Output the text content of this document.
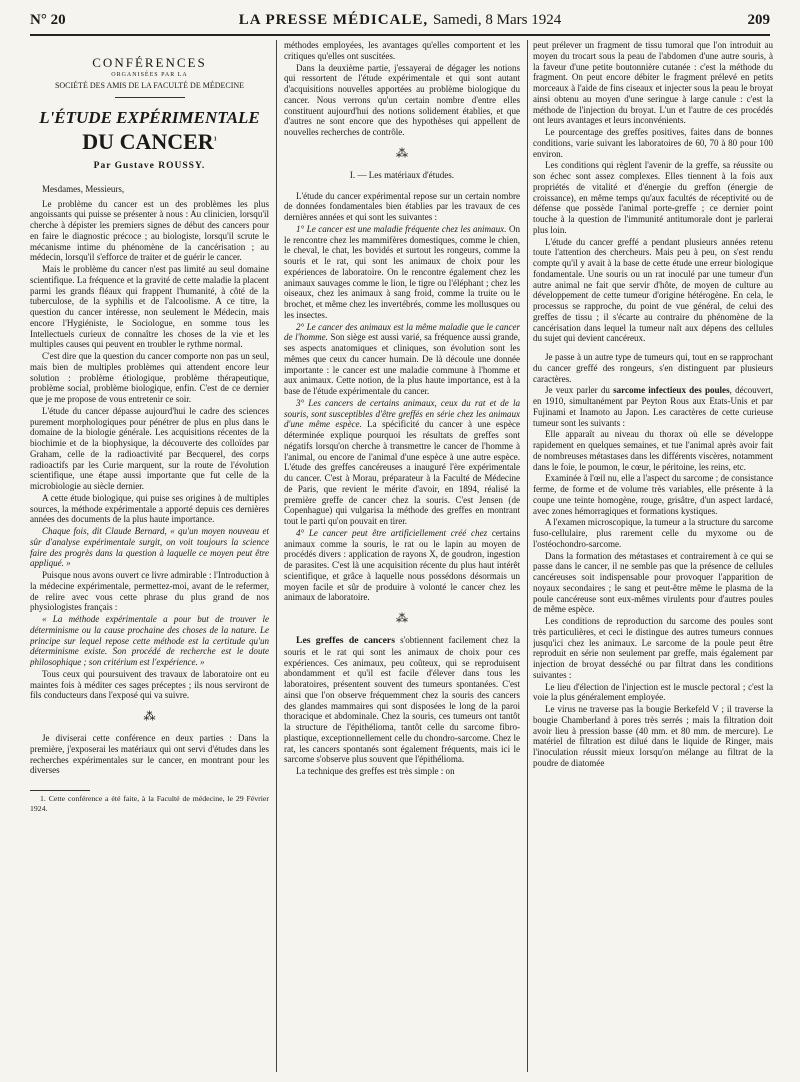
N° 20	LA PRESSE MÉDICALE, Samedi, 8 Mars 1924	209

CONFÉRENCES

ORGANISÉES PAR LA

SOCIÉTÉ DES AMIS DE LA FACULTÉ DE MÉDECINE

L'ÉTUDE EXPÉRIMENTALE

DU CANCER$^1$

Par Gustave ROUSSY.

Mesdames, Messieurs,

Le problème du cancer est un des problèmes les plus angoissants qui puisse se présenter à nous : Au clinicien, lorsqu'il cherche à dépister les premiers signes de début des cancers pour en faire le diagnostic précoce ; au biologiste, lorsqu'il scrute le mécanisme intime du phénomène de la cancérisation ; au médecin, lorsqu'il s'efforce de traiter et de guérir le cancer.

Mais le problème du cancer n'est pas limité au seul domaine scientifique. La fréquence et la gravité de cette maladie la placent parmi les grands fléaux qui frappent l'humanité, à côté de la tuberculose, de la syphilis et de l'alcoolisme. A ce titre, la question du cancer intéresse, non seulement le Médecin, mais encore l'Hygiéniste, le Sociologue, en somme tous les Intellectuels curieux de connaître les choses de la vie et les multiples causes qui peuvent en troubler le rythme normal.

C'est dire que la question du cancer comporte non pas un seul, mais bien de multiples problèmes qui attendent encore leur solution : problème étiologique, problème thérapeutique, problème social, problème biologique, enfin. C'est de ce dernier que je me propose de vous entretenir ce soir.

L'étude du cancer dépasse aujourd'hui le cadre des sciences purement morphologiques pour pénétrer de plus en plus dans le domaine de la biologie générale. Les acquisitions récentes de la biochimie et de la biophysique, la découverte des colloïdes par Graham, celle de la radioactivité par Becquerel, des corps radioactifs par les Curie marquent, sur la route de l'évolution scientifique, une étape aussi importante que fut celle de la microbiologie au siècle dernier.

A cette étude biologique, qui puise ses origines à de multiples sources, la méthode expérimentale a apporté depuis ces dernières années des documents de la plus haute importance.

Chaque fois, dit Claude Bernard, « qu'un moyen nouveau et sûr d'analyse expérimentale surgit, on voit toujours la science faire des progrès dans la question à laquelle ce moyen peut être appliqué. »

Puisque nous avons ouvert ce livre admirable : l'Introduction à la médecine expérimentale, permettez-moi, avant de le refermer, de relire avec vous cette phrase du plus grand de nos physiologistes français :

« La méthode expérimentale a pour but de trouver le déterminisme ou la cause prochaine des choses de la nature. Le principe sur lequel repose cette méthode est la certitude qu'un déterminisme existe. Son procédé de recherche est le doute philosophique ; son critérium est l'expérience. »

Tous ceux qui poursuivent des travaux de laboratoire ont eu maintes fois à méditer ces sages préceptes ; ils nous serviront de fils conducteurs dans l'exposé qui va suivre.

⁂

Je diviserai cette conférence en deux parties : Dans la première, j'exposerai les matériaux qui ont servi d'études dans les recherches expérimentales sur le cancer, en montrant pour les diverses

1. Cette conférence a été faite, à la Faculté de médecine, le 29 Février 1924.

méthodes employées, les avantages qu'elles comportent et les critiques qu'elles ont suscitées.

Dans la deuxième partie, j'essayerai de dégager les notions qui ressortent de l'étude expérimentale et qui sont autant d'acquisitions nouvelles apportées au problème biologique du cancer. Nous verrons qu'un certain nombre d'entre elles constituent aujourd'hui des notions solidement établies, et que d'autres ne sont encore que des hypothèses qui appellent de nouvelles recherches de contrôle.

⁂

I. — Les matériaux d'études.

L'étude du cancer expérimental repose sur un certain nombre de données fondamentales bien établies par les travaux de ces dernières années et qui sont les suivantes :

1° Le cancer est une maladie fréquente chez les animaux. On le rencontre chez les mammifères domestiques, comme le chien, le cheval, le chat, les bovidés et surtout les rongeurs, comme la souris et le rat, qui sont les animaux de choix pour les expériences de laboratoire. On le rencontre également chez les animaux sauvages comme le lion, le tigre ou l'éléphant ; chez les oiseaux, chez les animaux à sang froid, comme la truite ou le brochet, et même chez les invertébrés, comme les mollusques ou les insectes.

2° Le cancer des animaux est la même maladie que le cancer de l'homme. Son siège est aussi varié, sa fréquence aussi grande, ses aspects anatomiques et cliniques, son évolution sont les mêmes que ceux du cancer humain. De là découle une donnée importante : le cancer est une maladie commune à l'homme et aux animaux. Cette notion, de la plus haute importance, est à la base de l'étude expérimentale du cancer.

3° Les cancers de certains animaux, ceux du rat et de la souris, sont susceptibles d'être greffés en série chez les animaux d'une même espèce. La spécificité du cancer à une espèce déterminée explique pourquoi les résultats de greffes sont négatifs lorsqu'on cherche à transmettre le cancer de l'homme à l'animal, ou encore de l'animal d'une espèce à une autre espèce. L'étude des greffes cancéreuses a inauguré l'ère expérimentale du cancer. C'est à Morau, préparateur à la Faculté de Médecine de Paris, que revient le mérite d'avoir, en 1894, réalisé la première greffe de cancer chez la souris. C'est Jensen (de Copenhague) qui vulgarisa la méthode des greffes en montrant tout le parti qu'on pouvait en tirer.

4° Le cancer peut être artificiellement créé chez certains animaux comme la souris, le rat ou le lapin au moyen de procédés divers : application de rayons X, de goudron, ingestion de parasites. C'est là une acquisition récente du plus haut intérêt scientifique, et grâce à laquelle nous possédons désormais un moyen facile et sûr de produire à volonté le cancer chez les animaux de laboratoire.

⁂

Les greffes de cancers s'obtiennent facilement chez la souris et le rat qui sont les animaux de choix pour ces expériences. Ces animaux, peu coûteux, qui se reproduisent abondamment et qu'il est facile d'élever dans tous les laboratoires, présentent souvent des tumeurs spontanées. C'est ainsi que l'on observe fréquemment chez la souris des cancers des glandes mammaires qui sont disposées le long de la paroi thoracique et abdominale. Chez la souris, ces tumeurs ont tantôt la structure de l'épithélioma, tantôt celle du sarcome fibro-plastique, exceptionnellement celle du chondro-sarcome. Chez le rat, les cancers spontanés sont également fréquents, mais ici le sarcome s'observe plus souvent que l'épithélioma.

La technique des greffes est très simple : on

peut prélever un fragment de tissu tumoral que l'on introduit au moyen du trocart sous la peau de l'abdomen d'une autre souris, à la faveur d'une petite boutonnière cutanée : c'est la méthode du fragment. On peut encore débiter le fragment prélevé en petits morceaux à l'aide de fins ciseaux et injecter sous la peau le broyat ainsi obtenu au moyen d'une seringue à large canule : c'est la méthode de l'injection du broyat. L'un et l'autre de ces procédés ont leurs avantages et leurs inconvénients.

Le pourcentage des greffes positives, faites dans de bonnes conditions, varie suivant les laboratoires de 60, 70 à 80 pour 100 environ.

Les conditions qui règlent l'avenir de la greffe, sa réussite ou son échec sont assez complexes. Elles tiennent à la fois aux propriétés de vitalité et d'énergie du greffon (énergie de croissance), en même temps qu'aux facultés de réceptivité ou de défense que possède l'animal porte-greffe ; ce dernier point touche à la question de l'immunité antitumorale dont je parlerai plus loin.

L'étude du cancer greffé a pendant plusieurs années retenu toute l'attention des chercheurs. Mais peu à peu, on s'est rendu compte qu'il y avait à la base de cette étude une erreur biologique fondamentale. Une souris ou un rat inoculé par une tumeur d'un autre animal ne fait que servir d'hôte, de moyen de culture au développement de cette tumeur d'origine hétérogène. En cela, le processus se rapproche, du point de vue général, de celui des greffes de tissu ; il s'écarte au contraire du phénomène de la cancérisation dans lequel la tumeur naît aux dépens des cellules du sujet qui devient cancéreux.

Je passe à un autre type de tumeurs qui, tout en se rapprochant du cancer greffé des rongeurs, s'en distinguent par plusieurs caractères.

Je veux parler du sarcome infectieux des poules, découvert, en 1910, simultanément par Peyton Rous aux Etats-Unis et par Fujinami et Inamoto au Japon. Les caractères de cette curieuse tumeur sont les suivants :

Elle apparaît au niveau du thorax où elle se développe rapidement en quelques semaines, et tue l'animal après avoir fait de nombreuses métastases dans les différents viscères, notamment dans le foie, le poumon, le cœur, le péritoine, les reins, etc.

Examinée à l'œil nu, elle a l'aspect du sarcome ; de consistance ferme, de forme et de volume très variables, elle présente à la coupe une teinte homogène, rouge, grisâtre, d'un aspect lardacé, avec zones hémorragiques et formations kystiques.

A l'examen microscopique, la tumeur a la structure du sarcome fuso-cellulaire, plus rarement celle du myxome ou de l'ostéochondro-sarcome.

Dans la formation des métastases et contrairement à ce qui se passe dans le cancer, il ne semble pas que la présence de cellules cancéreuses soit indispensable pour provoquer l'apparition de noyaux secondaires ; le sang et peut-être même le plasma de la poule cancéreuse sont eux-mêmes virulents pour d'autres poules de même espèce.

Les conditions de reproduction du sarcome des poules sont très particulières, et ceci le distingue des autres tumeurs connues jusqu'ici chez les animaux. Le sarcome de la poule peut être reproduit en série non seulement par greffe, mais également par injection de broyat desséché ou par filtrat dans les conditions suivantes :

Le lieu d'élection de l'injection est le muscle pectoral ; c'est la voie la plus généralement employée.

Le virus ne traverse pas la bougie Berkefeld V ; il traverse la bougie Chamberland à pores très serrés ; mais la filtration doit avoir lieu à pression basse (40 mm. et 80 mm. de mercure). Le matériel de filtration est dilué dans le liquide de Ringer, mais l'inoculation réussit mieux lorsqu'on mélange au filtrat de la poudre de diatomée
